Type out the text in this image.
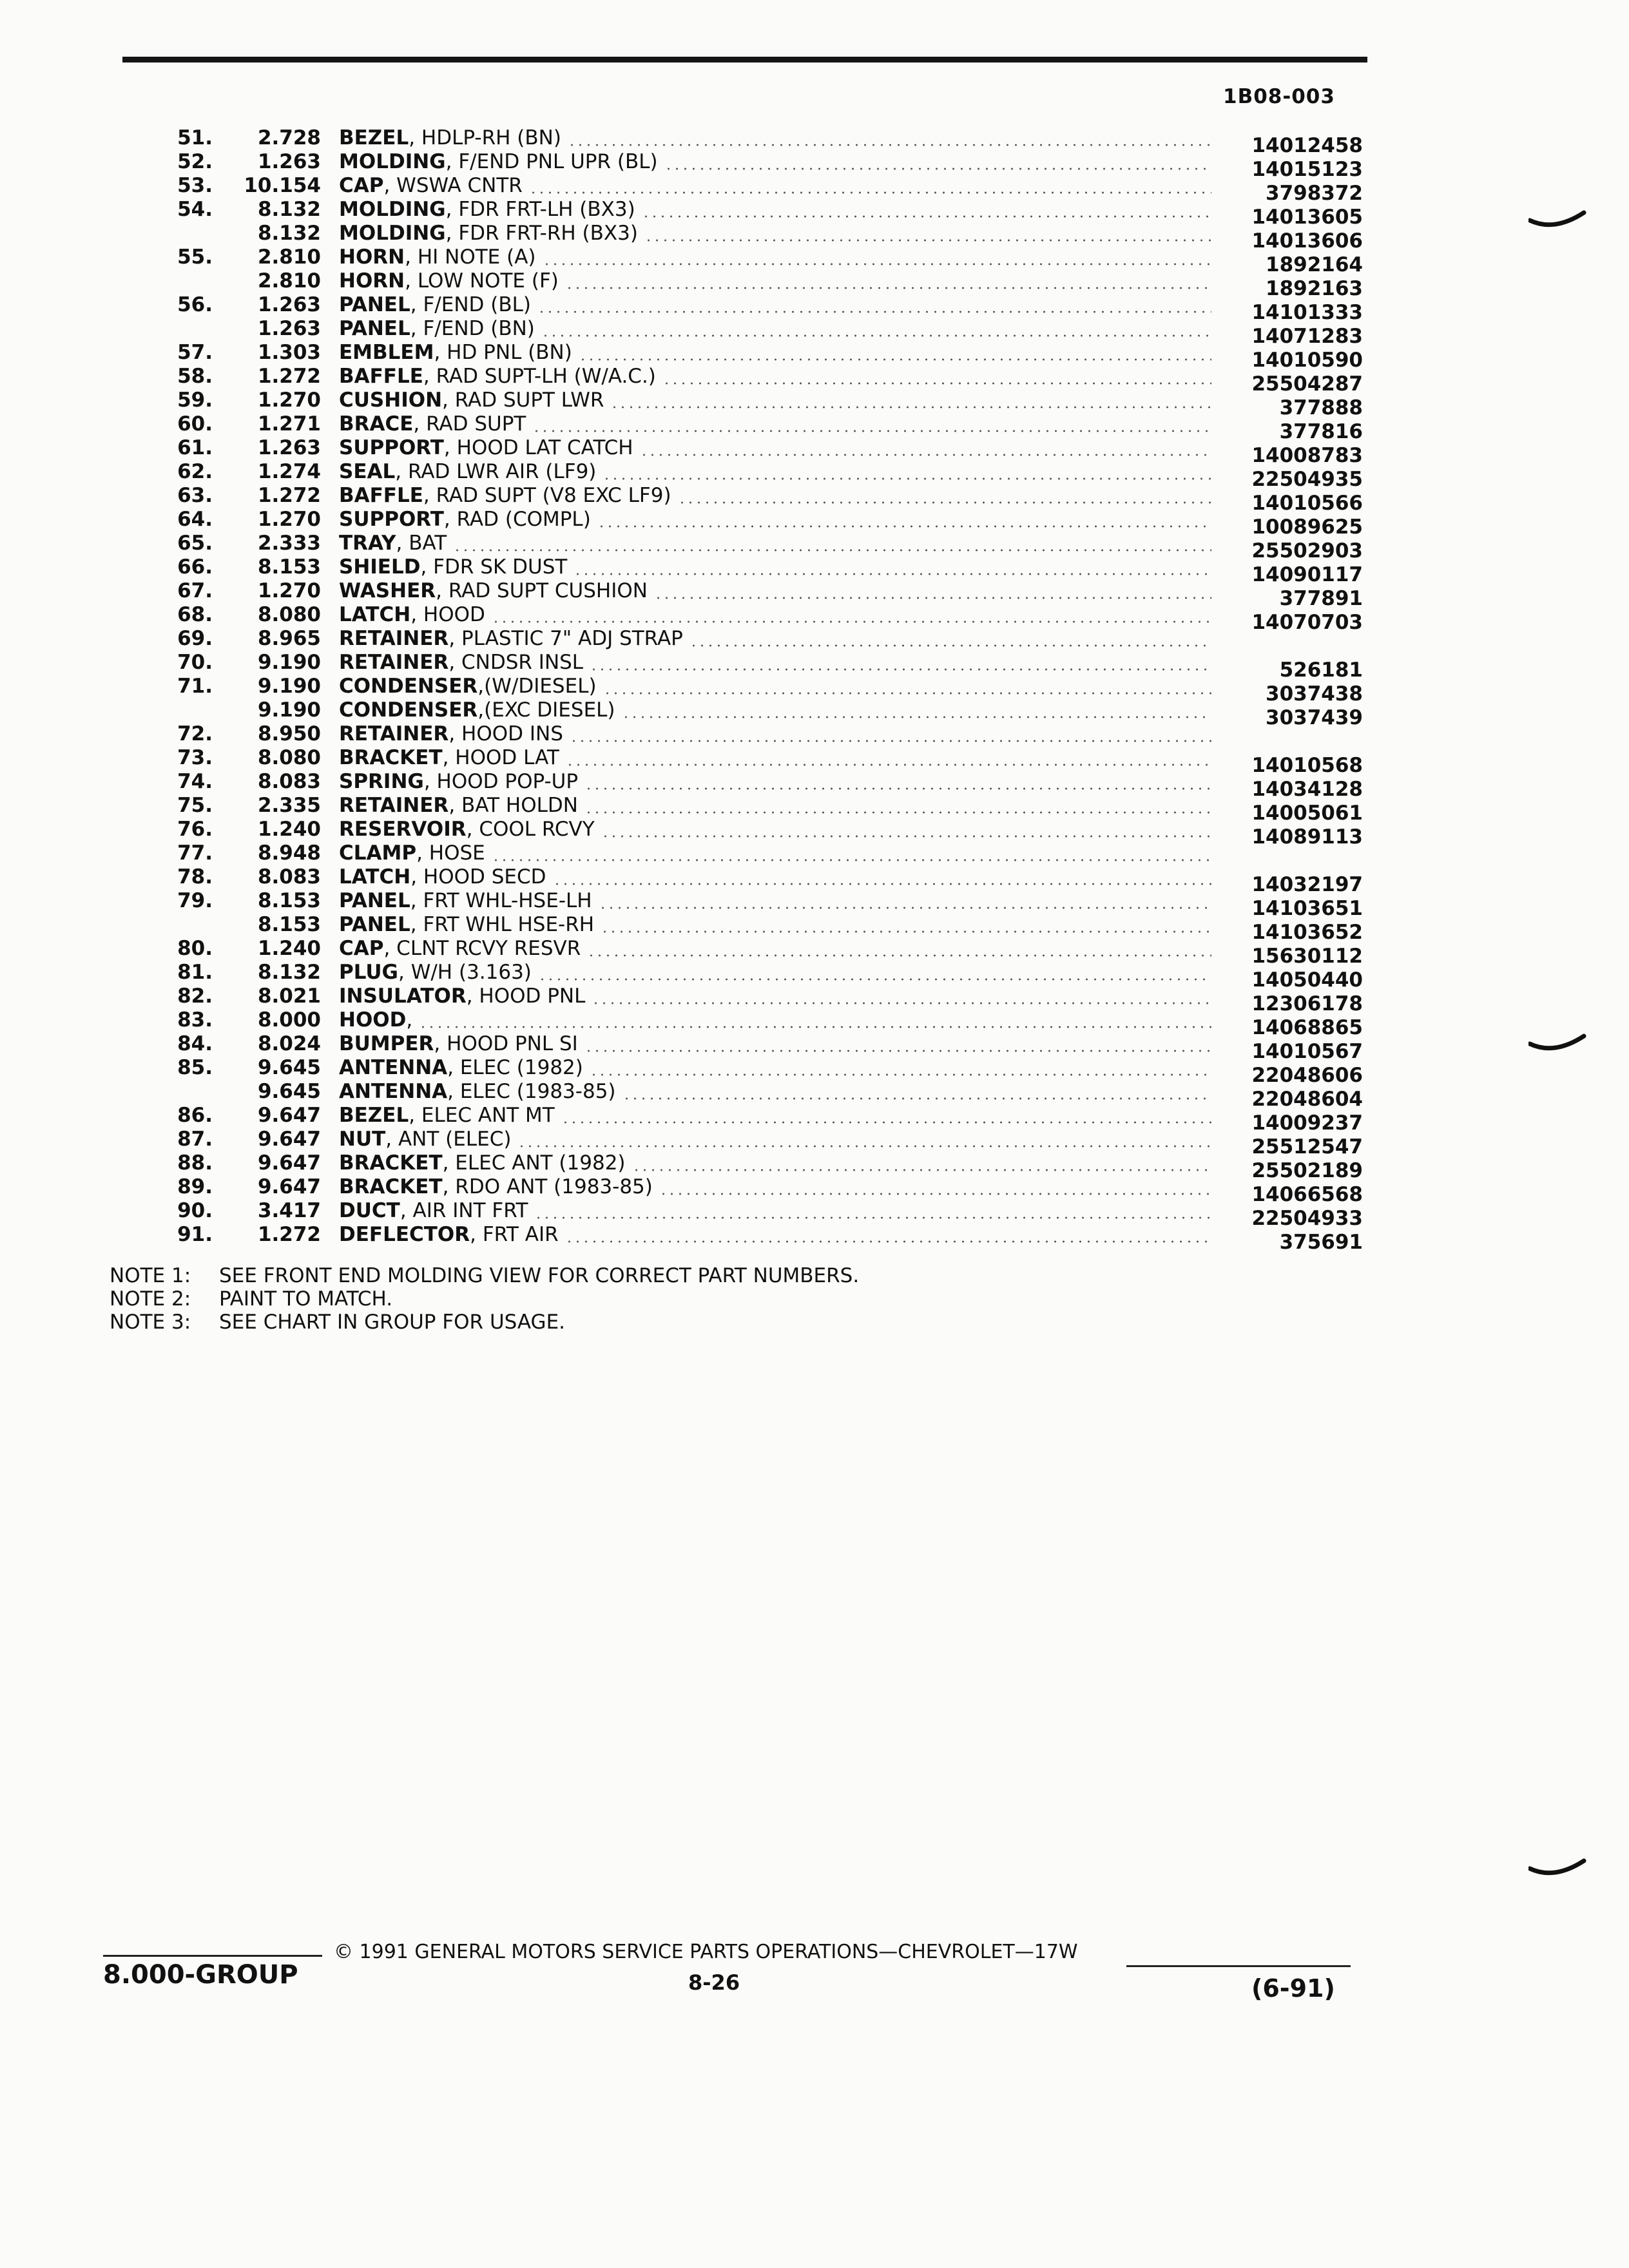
1B08-003
51.	2.728 BEZEL, HDLP-RH (BN)	14012458
52.	1.263 MOLDING, F/END PNL UPR (BL)	14015123
53.	10.154 CAP, WSWA CNTR	3798372
54.	8.132 MOLDING, FDR FRT-LH (BX3)	14013605
8.132 MOLDING, FDR FRT-RH (BX3)	14013606
55.	2.810 HORN, HI NOTE (A)	1892164
2.810 HORN, LOW NOTE (F)	1892163
56.	1.263 PANEL, F/END (BL)	14101333
1.263 PANEL, F/END (BN)	14071283
57.	1.303 EMBLEM, HD PNL (BN)	14010590
58.	1.272 BAFFLE, RAD SUPT-LH (W/A.C.)	25504287
59.	1.270 CUSHION, RAD SUPT LWR	377888
60.	1.271 BRACE, RAD SUPT	377816
61.	1.263 SUPPORT, HOOD LAT CATCH	14008783
62.	1.274 SEAL, RAD LWR AIR (LF9)	22504935
63.	1.272 BAFFLE, RAD SUPT (V8 EXC LF9)	14010566
64.	1.270 SUPPORT, RAD (COMPL)	10089625
65.	2.333 TRAY, BAT	25502903
66.	8.153 SHIELD, FDR SK DUST	14090117
67.	1.270 WASHER, RAD SUPT CUSHION	377891
68.	8.080 LATCH, HOOD	14070703
69.	8.965 RETAINER, PLASTIC 7" ADJ STRAP
70.	9.190 RETAINER, CNDSR INSL	526181
71.	9.190 CONDENSER,(W/DIESEL)	3037438
9.190 CONDENSER,(EXC DIESEL)	3037439
72.	8.950 RETAINER, HOOD INS
73.	8.080 BRACKET, HOOD LAT	14010568
74.	8.083 SPRING, HOOD POP-UP	14034128
75.	2.335 RETAINER, BAT HOLDN	14005061
76.	1.240 RESERVOIR, COOL RCVY	14089113
77.	8.948 CLAMP, HOSE
78.	8.083 LATCH, HOOD SECD	14032197
79.	8.153 PANEL, FRT WHL-HSE-LH	14103651
8.153 PANEL, FRT WHL HSE-RH	14103652
80.	1.240 CAP, CLNT RCVY RESVR	15630112
81.	8.132 PLUG, W/H (3.163)	14050440
82.	8.021 INSULATOR, HOOD PNL	12306178
83.	8.000 HOOD,	14068865
84.	8.024 BUMPER, HOOD PNL SI	14010567
85.	9.645 ANTENNA, ELEC (1982)	22048606
9.645 ANTENNA, ELEC (1983-85)	22048604
86.	9.647 BEZEL, ELEC ANT MT	14009237
87.	9.647 NUT, ANT (ELEC)	25512547
88.	9.647 BRACKET, ELEC ANT (1982)	25502189
89.	9.647 BRACKET, RDO ANT (1983-85)	14066568
90.	3.417 DUCT, AIR INT FRT	22504933
91.	1.272 DEFLECTOR, FRT AIR	375691
NOTE 1: SEE FRONT END MOLDING VIEW FOR CORRECT PART NUMBERS.
NOTE 2: PAINT TO MATCH.
NOTE 3: SEE CHART IN GROUP FOR USAGE.
8.000-GROUP
© 1991 GENERAL MOTORS SERVICE PARTS OPERATIONS—CHEVROLET—17W
8-26	(6-91)
